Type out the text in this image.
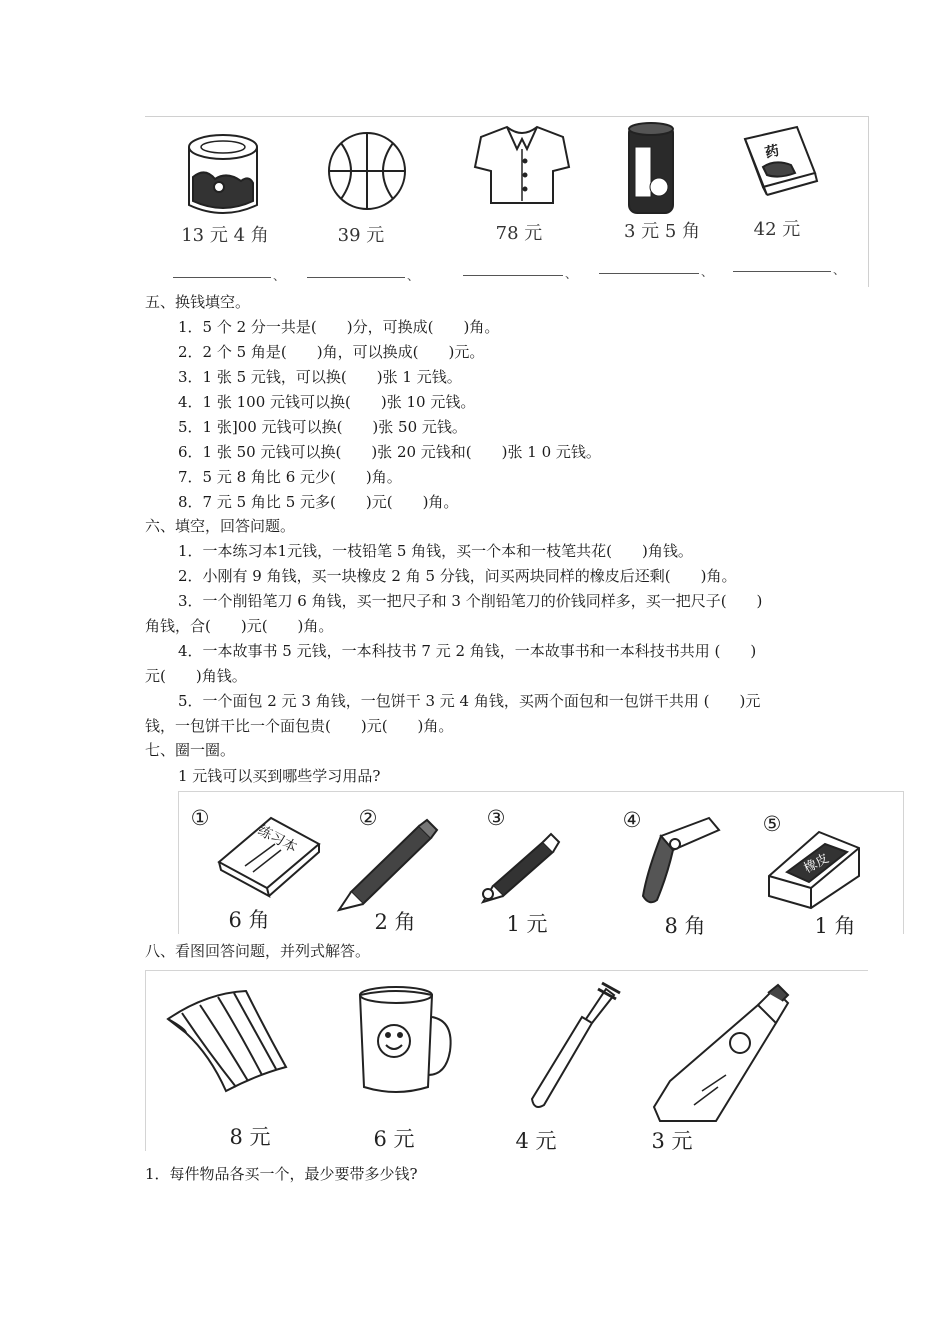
药
13 元 4 角	39 元	78 元	3 元 5 角	42 元
、	、	、	、	、
五、换钱填空。
1．5 个 2 分一共是(　　)分，可换成(　　)角。
2．2 个 5 角是(　　)角，可以换成(　　)元。
3．1 张 5 元钱，可以换(　　)张 1 元钱。
4．1 张 100 元钱可以换(　　)张 10 元钱。
5．1 张]00 元钱可以换(　　)张 50 元钱。
6．1 张 50 元钱可以换(　　)张 20 元钱和(　　)张 1 0 元钱。
7．5 元 8 角比 6 元少(　　)角。
8．7 元 5 角比 5 元多(　　)元(　　)角。
六、填空，回答问题。
1．一本练习本1元钱，一枝铅笔 5 角钱，买一个本和一枝笔共花(　　)角钱。
2．小刚有 9 角钱，买一块橡皮 2 角 5 分钱，问买两块同样的橡皮后还剩(　　)角。
3．一个削铅笔刀 6 角钱，买一把尺子和 3 个削铅笔刀的价钱同样多，买一把尺子(　　)
角钱，合(　　)元(　　)角。
4．一本故事书 5 元钱，一本科技书 7 元 2 角钱，一本故事书和一本科技书共用 (　　)
元(　　)角钱。
5．一个面包 2 元 3 角钱，一包饼干 3 元 4 角钱，买两个面包和一包饼干共用 (　　)元
钱，一包饼干比一个面包贵(　　)元(　　)角。
七、圈一圈。
1 元钱可以买到哪些学习用品?
练习本
橡皮
①	②	③	④	⑤
6 角	2 角	1 元	8 角	1 角
八、看图回答问题，并列式解答。
8 元	6 元	4 元	3 元
1．每件物品各买一个，最少要带多少钱?
